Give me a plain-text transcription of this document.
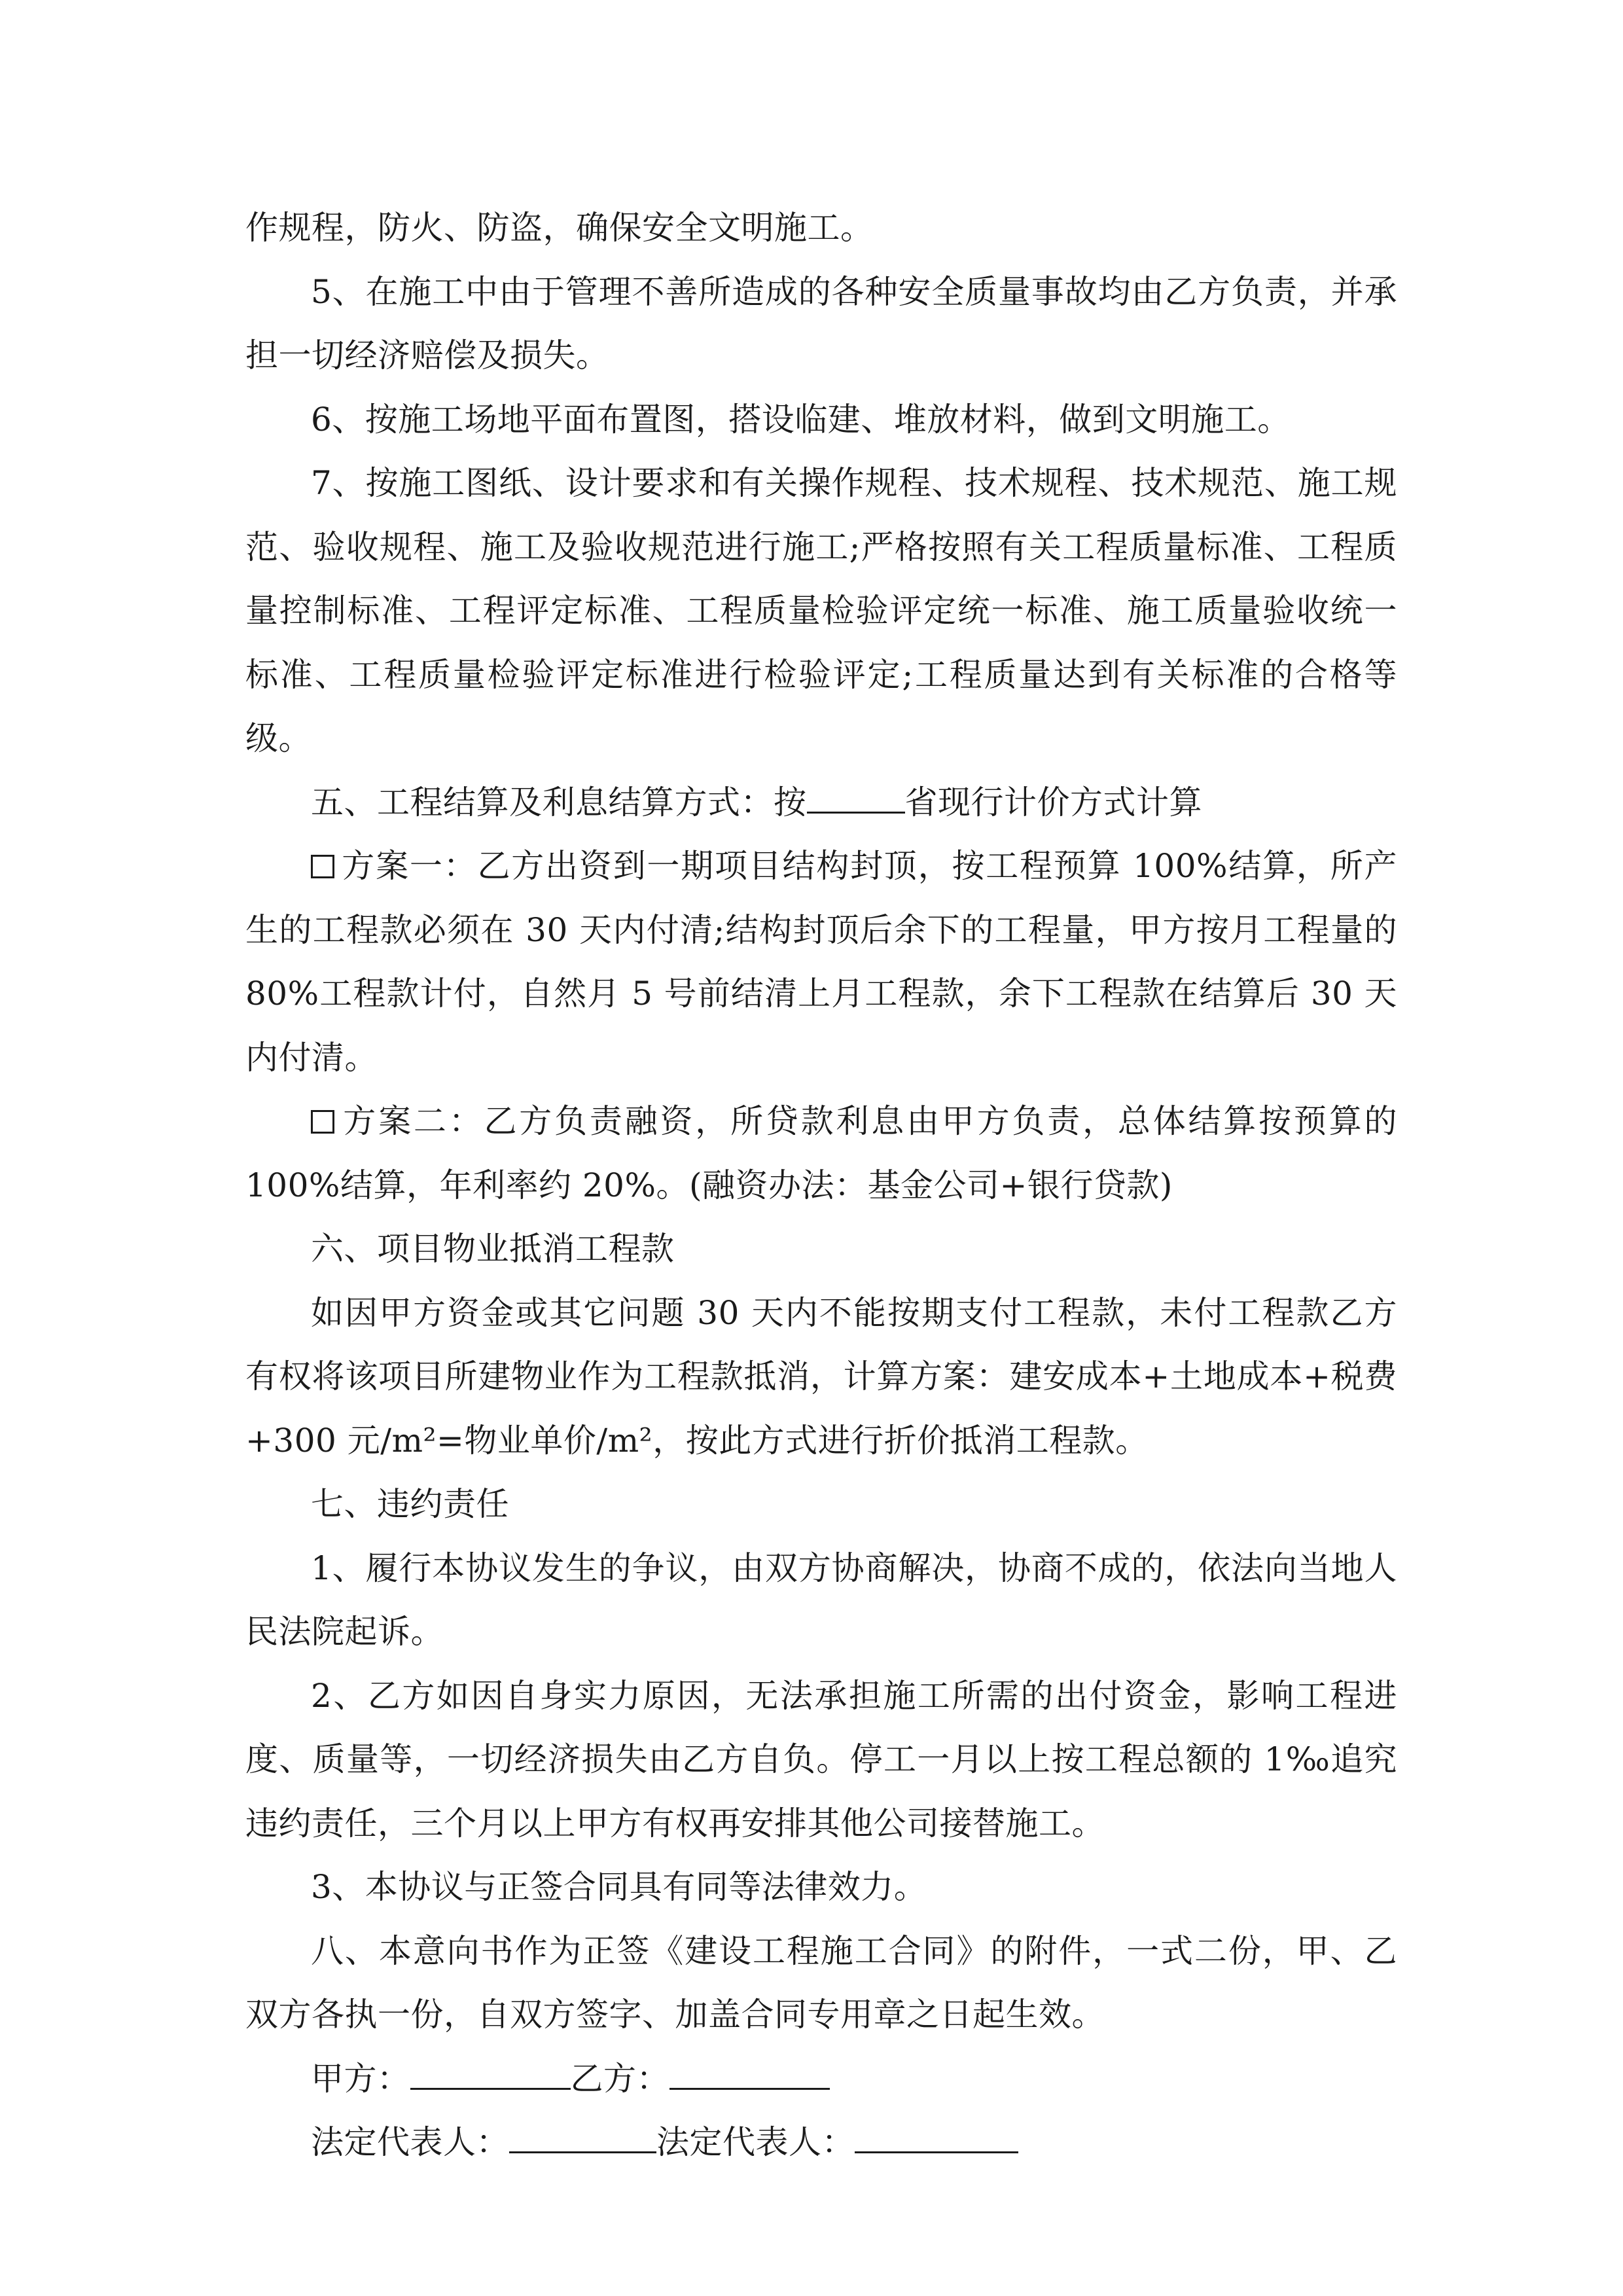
作规程，防火、防盗，确保安全文明施工。

5、在施工中由于管理不善所造成的各种安全质量事故均由乙方负责，并承担一切经济赔偿及损失。

6、按施工场地平面布置图，搭设临建、堆放材料，做到文明施工。

7、按施工图纸、设计要求和有关操作规程、技术规程、技术规范、施工规范、验收规程、施工及验收规范进行施工;严格按照有关工程质量标准、工程质量控制标准、工程评定标准、工程质量检验评定统一标准、施工质量验收统一标准、工程质量检验评定标准进行检验评定;工程质量达到有关标准的合格等级。

五、工程结算及利息结算方式：按	省现行计价方式计算

方案一：乙方出资到一期项目结构封顶，按工程预算 100%结算，所产生的工程款必须在 30 天内付清;结构封顶后余下的工程量，甲方按月工程量的 80%工程款计付，自然月 5 号前结清上月工程款，余下工程款在结算后 30 天内付清。

方案二：乙方负责融资，所贷款利息由甲方负责，总体结算按预算的 100%结算，年利率约 20%。(融资办法：基金公司+银行贷款)

六、项目物业抵消工程款

如因甲方资金或其它问题 30 天内不能按期支付工程款，未付工程款乙方有权将该项目所建物业作为工程款抵消，计算方案：建安成本+土地成本+税费+300 元/m²=物业单价/m²，按此方式进行折价抵消工程款。

七、违约责任

1、履行本协议发生的争议，由双方协商解决，协商不成的，依法向当地人民法院起诉。

2、乙方如因自身实力原因，无法承担施工所需的出付资金，影响工程进度、质量等，一切经济损失由乙方自负。停工一月以上按工程总额的 1‰追究违约责任，三个月以上甲方有权再安排其他公司接替施工。

3、本协议与正签合同具有同等法律效力。

八、本意向书作为正签《建设工程施工合同》的附件，一式二份，甲、乙双方各执一份，自双方签字、加盖合同专用章之日起生效。

甲方：	乙方：

法定代表人：	法定代表人：
